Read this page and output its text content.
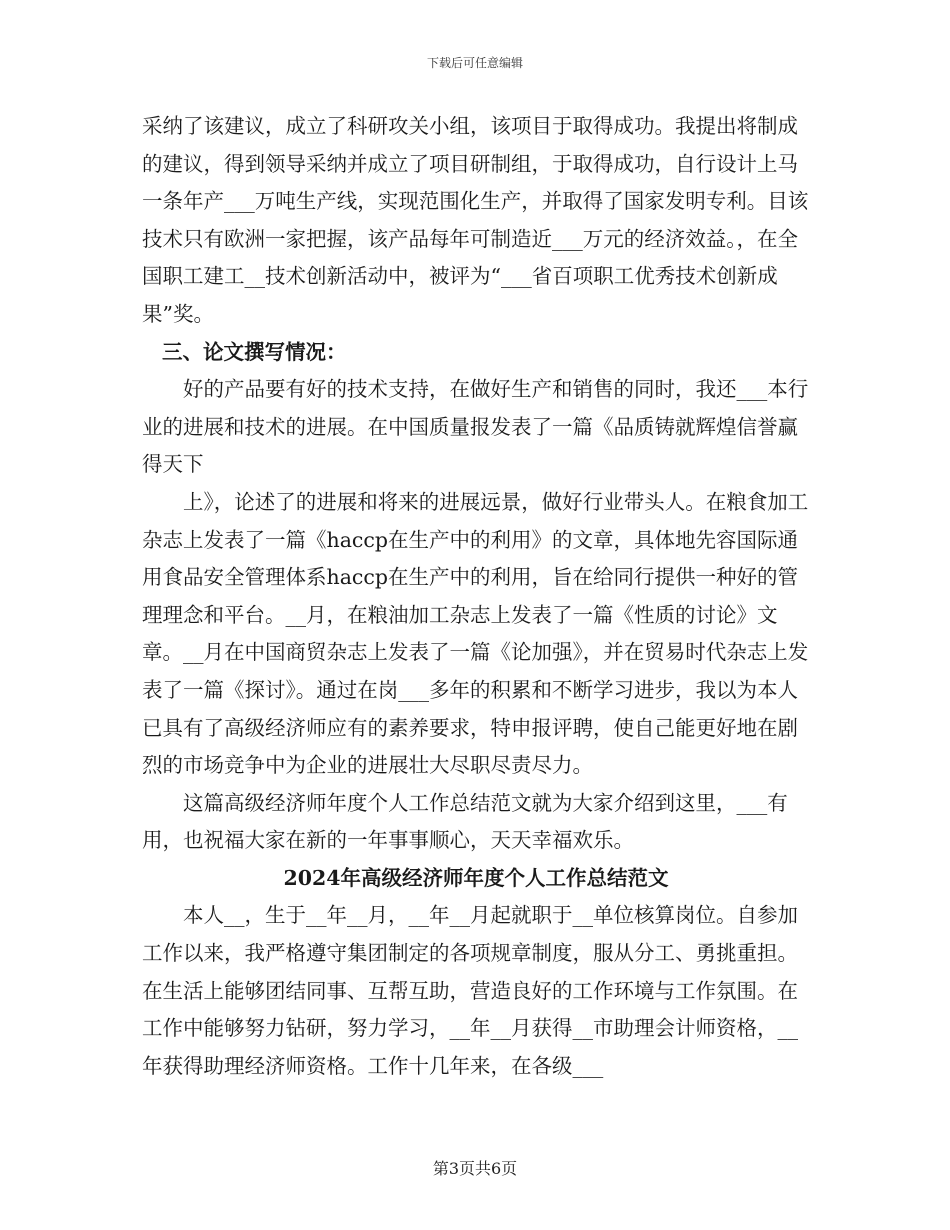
下载后可任意编辑

采纳了该建议，成立了科研攻关小组，该项目于取得成功。我提出将制成的建议，得到领导采纳并成立了项目研制组，于取得成功，自行设计上马一条年产___万吨生产线，实现范围化生产，并取得了国家发明专利。目该技术只有欧洲一家把握，该产品每年可制造近___万元的经济效益。，在全国职工建工__技术创新活动中，被评为“___省百项职工优秀技术创新成果”奖。

三、论文撰写情况：

好的产品要有好的技术支持，在做好生产和销售的同时，我还___本行业的进展和技术的进展。在中国质量报发表了一篇《品质铸就辉煌信誉赢得天下

上》，论述了的进展和将来的进展远景，做好行业带头人。在粮食加工杂志上发表了一篇《haccp在生产中的利用》的文章，具体地先容国际通用食品安全管理体系haccp在生产中的利用，旨在给同行提供一种好的管理理念和平台。__月，在粮油加工杂志上发表了一篇《性质的讨论》文章。__月在中国商贸杂志上发表了一篇《论加强》，并在贸易时代杂志上发表了一篇《探讨》。通过在岗___多年的积累和不断学习进步，我以为本人已具有了高级经济师应有的素养要求，特申报评聘，使自己能更好地在剧烈的市场竞争中为企业的进展壮大尽职尽责尽力。

这篇高级经济师年度个人工作总结范文就为大家介绍到这里，___有用，也祝福大家在新的一年事事顺心，天天幸福欢乐。

2024年高级经济师年度个人工作总结范文

本人__，生于__年__月，__年__月起就职于__单位核算岗位。自参加工作以来，我严格遵守集团制定的各项规章制度，服从分工、勇挑重担。在生活上能够团结同事、互帮互助，营造良好的工作环境与工作氛围。在工作中能够努力钻研，努力学习，__年__月获得__市助理会计师资格，__年获得助理经济师资格。工作十几年来，在各级___

第3页共6页
